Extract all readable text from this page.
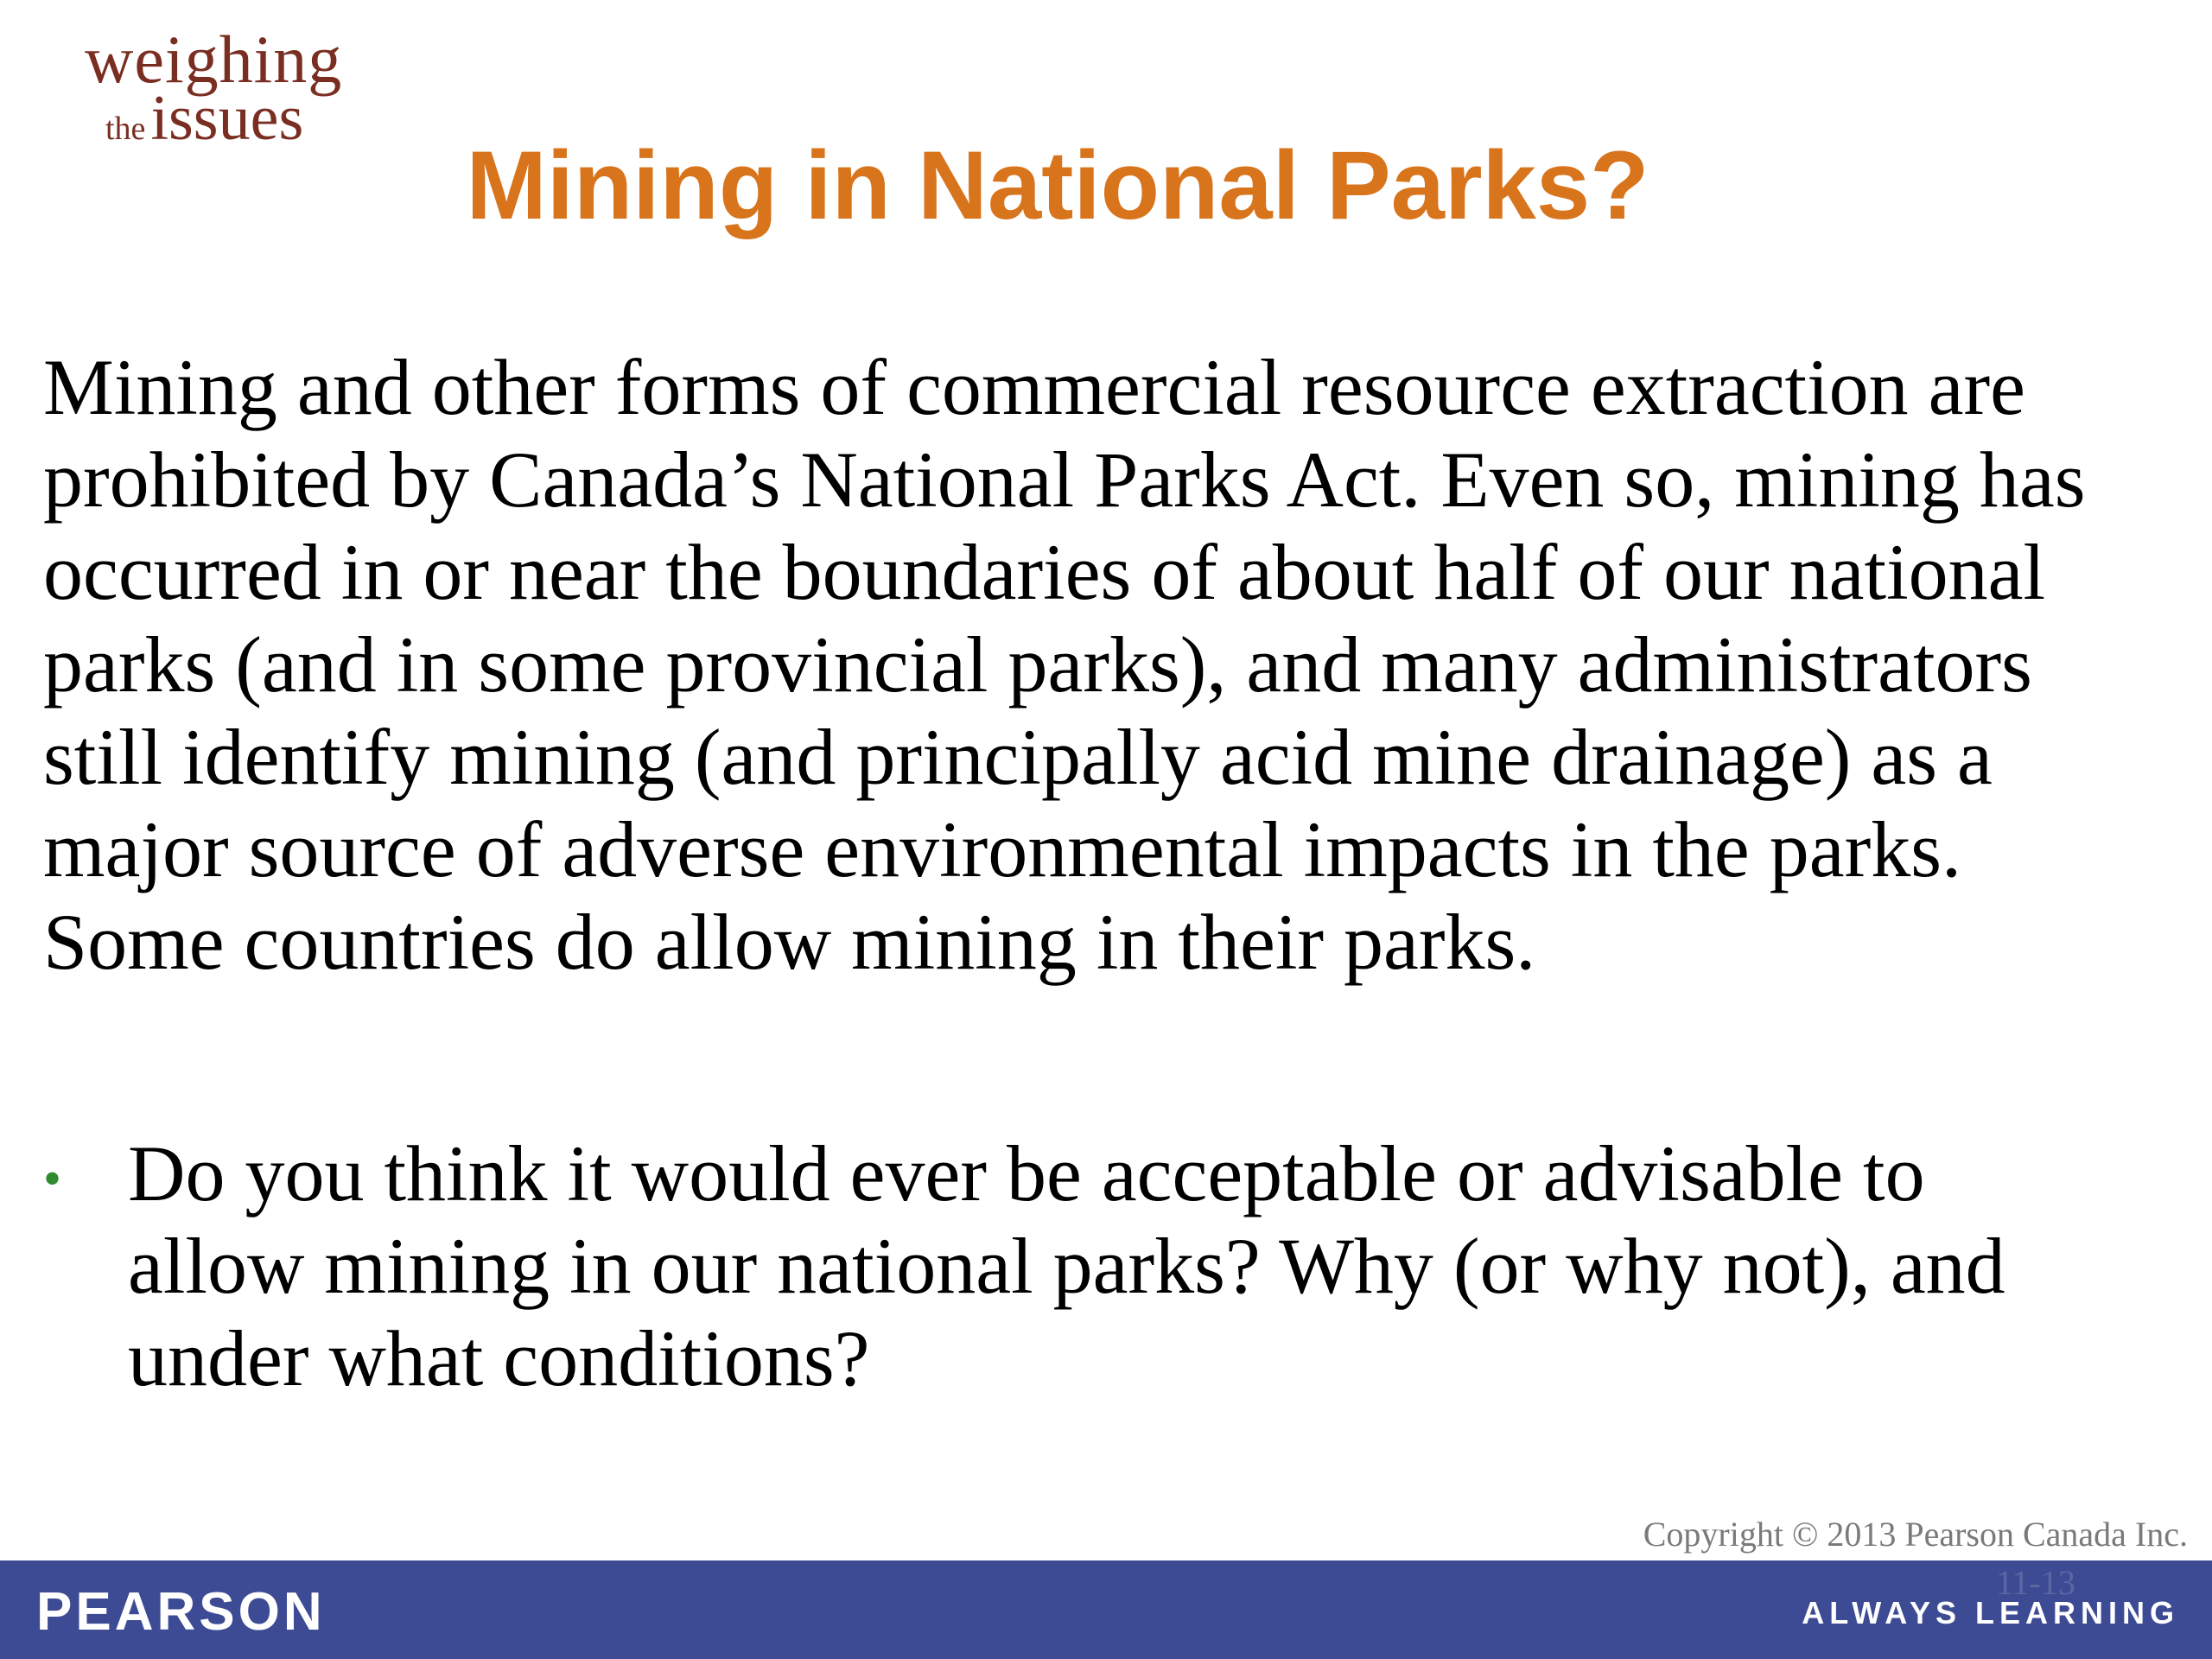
weighing
theissues
Mining in National Parks?

Mining and other forms of commercial resource extraction are prohibited by Canada’s National Parks Act. Even so, mining has occurred in or near the boundaries of about half of our national parks (and in some provincial parks), and many administrators still identify mining (and principally acid mine drainage) as a major source of adverse environmental impacts in the parks. Some countries do allow mining in their parks.

• Do you think it would ever be acceptable or advisable to allow mining in our national parks? Why (or why not), and under what conditions?
Copyright © 2013 Pearson Canada Inc.
PEARSON	11-13
ALWAYS LEARNING
